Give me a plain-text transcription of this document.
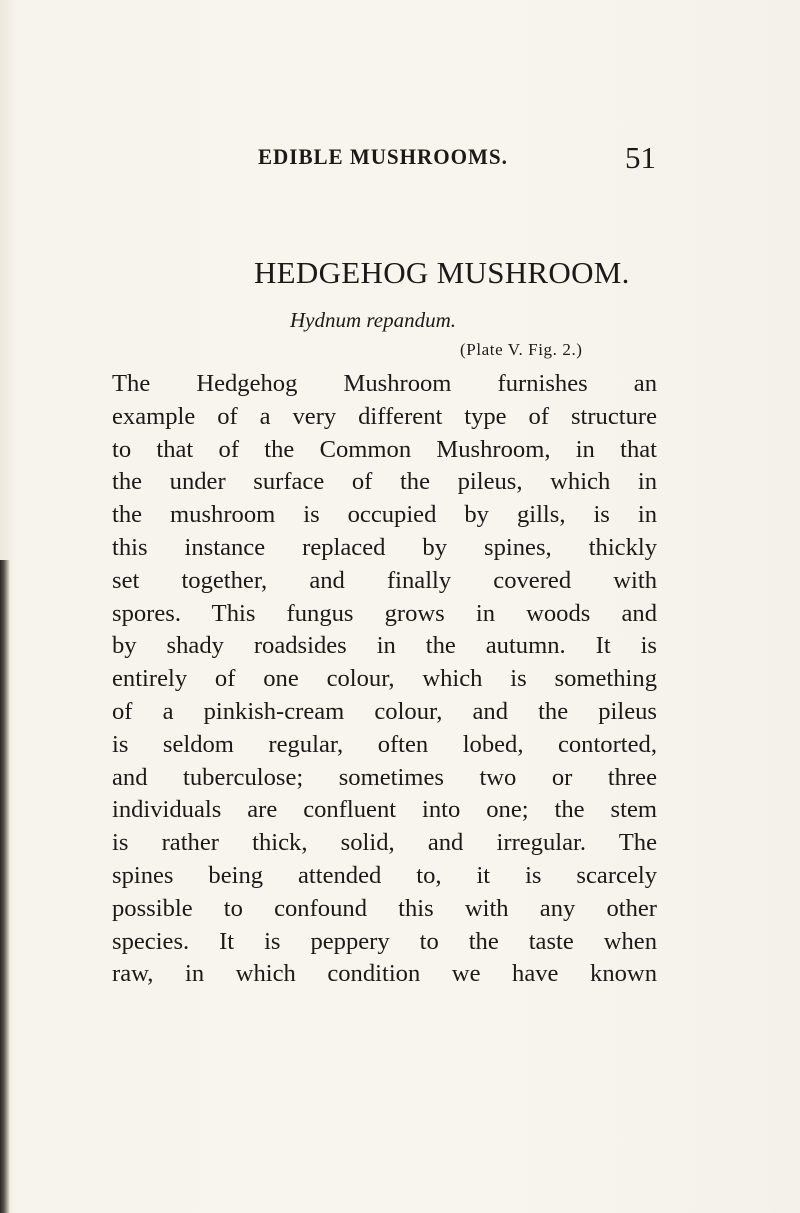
EDIBLE MUSHROOMS.	51
HEDGEHOG MUSHROOM.
Hydnum repandum.
(Plate V. Fig. 2.)
The Hedgehog Mushroom furnishes an
example of a very different type of structure
to that of the Common Mushroom, in that
the under surface of the pileus, which in
the mushroom is occupied by gills, is in
this instance replaced by spines, thickly
set together, and finally covered with
spores. This fungus grows in woods and
by shady roadsides in the autumn. It is
entirely of one colour, which is something
of a pinkish-cream colour, and the pileus
is seldom regular, often lobed, contorted,
and tuberculose; sometimes two or three
individuals are confluent into one; the stem
is rather thick, solid, and irregular. The
spines being attended to, it is scarcely
possible to confound this with any other
species. It is peppery to the taste when
raw, in which condition we have known
